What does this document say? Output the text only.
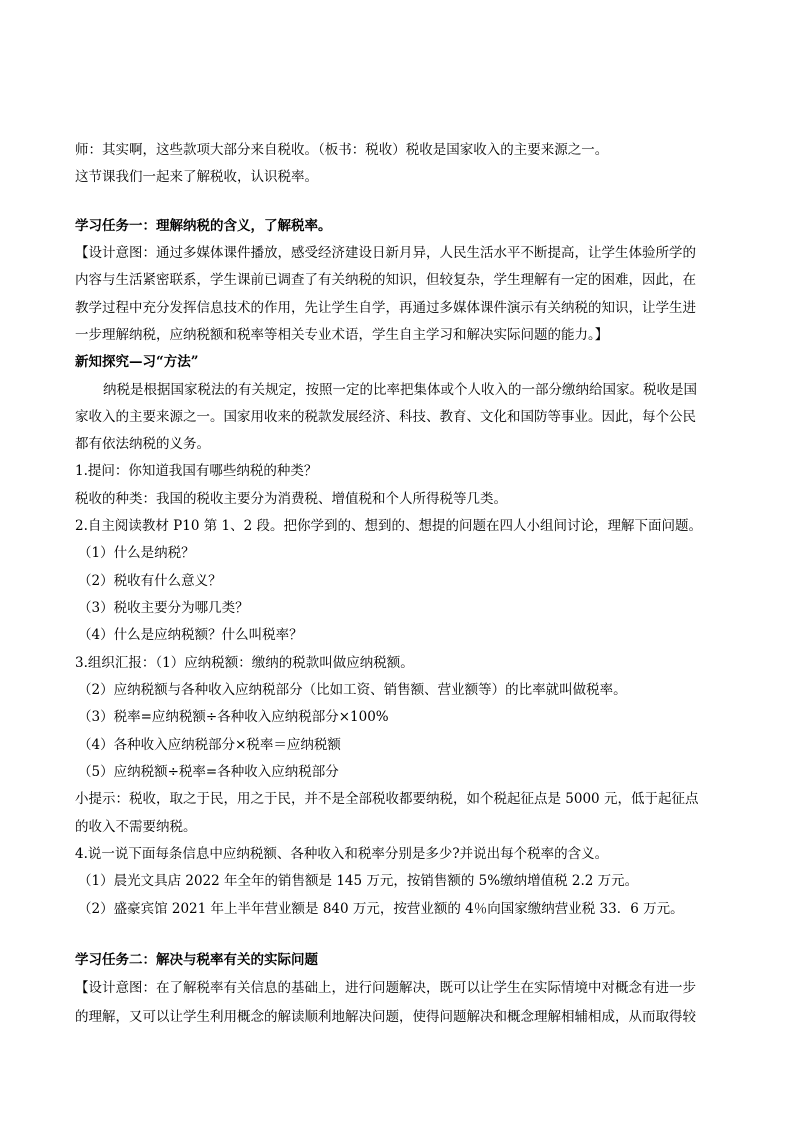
师：其实啊，这些款项大部分来自税收。（板书：税收）税收是国家收入的主要来源之一。
这节课我们一起来了解税收，认识税率。
学习任务一：理解纳税的含义，了解税率。
【设计意图：通过多媒体课件播放，感受经济建设日新月异，人民生活水平不断提高，让学生体验所学的
内容与生活紧密联系，学生课前已调查了有关纳税的知识，但较复杂，学生理解有一定的困难，因此，在
教学过程中充分发挥信息技术的作用，先让学生自学，再通过多媒体课件演示有关纳税的知识，让学生进
一步理解纳税，应纳税额和税率等相关专业术语，学生自主学习和解决实际问题的能力。】
新知探究—习“方法”
纳税是根据国家税法的有关规定，按照一定的比率把集体或个人收入的一部分缴纳给国家。税收是国
家收入的主要来源之一。国家用收来的税款发展经济、科技、教育、文化和国防等事业。因此，每个公民
都有依法纳税的义务。
1.提问：你知道我国有哪些纳税的种类？
税收的种类：我国的税收主要分为消费税、增值税和个人所得税等几类。
2.自主阅读教材 P10 第 1、2 段。把你学到的、想到的、想提的问题在四人小组间讨论，理解下面问题。
（1）什么是纳税？
（2）税收有什么意义？
（3）税收主要分为哪几类？
（4）什么是应纳税额？什么叫税率？
3.组织汇报：（1）应纳税额：缴纳的税款叫做应纳税额。
（2）应纳税额与各种收入应纳税部分（比如工资、销售额、营业额等）的比率就叫做税率。
（3）税率=应纳税额÷各种收入应纳税部分×100%
（4）各种收入应纳税部分×税率＝应纳税额
（5）应纳税额÷税率=各种收入应纳税部分
小提示：税收，取之于民，用之于民，并不是全部税收都要纳税，如个税起征点是 5000 元，低于起征点
的收入不需要纳税。
4.说一说下面每条信息中应纳税额、各种收入和税率分别是多少?并说出每个税率的含义。
（1）晨光文具店 2022 年全年的销售额是 145 万元，按销售额的 5%缴纳增值税 2.2 万元。
（2）盛豪宾馆 2021 年上半年营业额是 840 万元，按营业额的 4％向国家缴纳营业税 33．6 万元。
学习任务二：解决与税率有关的实际问题
【设计意图：在了解税率有关信息的基础上，进行问题解决，既可以让学生在实际情境中对概念有进一步
的理解，又可以让学生利用概念的解读顺利地解决问题，使得问题解决和概念理解相辅相成，从而取得较
